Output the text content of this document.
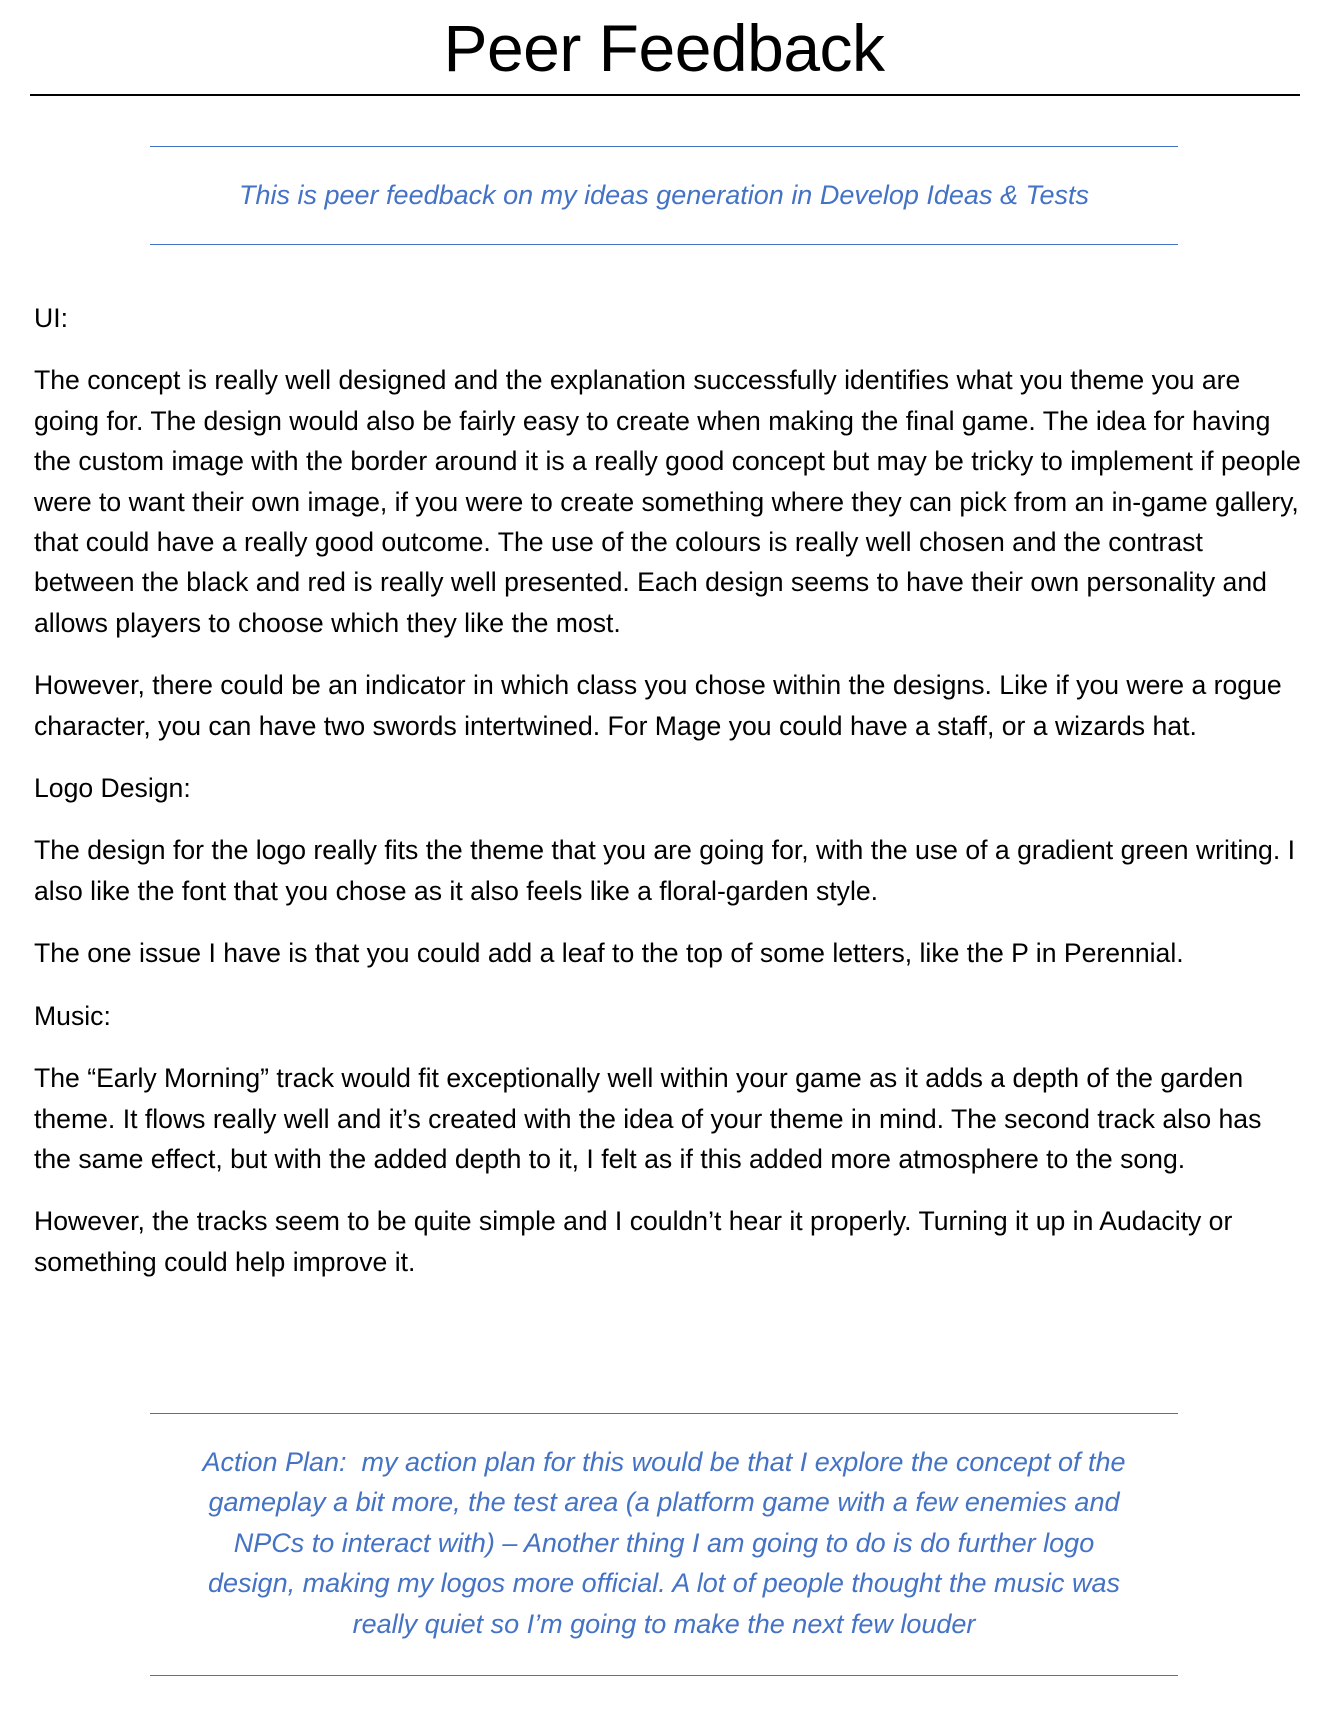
Peer Feedback
This is peer feedback on my ideas generation in Develop Ideas & Tests

UI:

The concept is really well designed and the explanation successfully identifies what you theme you are going for. The design would also be fairly easy to create when making the final game. The idea for having the custom image with the border around it is a really good concept but may be tricky to implement if people were to want their own image, if you were to create something where they can pick from an in-game gallery, that could have a really good outcome. The use of the colours is really well chosen and the contrast between the black and red is really well presented. Each design seems to have their own personality and allows players to choose which they like the most.

However, there could be an indicator in which class you chose within the designs. Like if you were a rogue character, you can have two swords intertwined. For Mage you could have a staff, or a wizards hat.

Logo Design:

The design for the logo really fits the theme that you are going for, with the use of a gradient green writing. I also like the font that you chose as it also feels like a floral-garden style.

The one issue I have is that you could add a leaf to the top of some letters, like the P in Perennial.

Music:

The “Early Morning” track would fit exceptionally well within your game as it adds a depth of the garden theme. It flows really well and it’s created with the idea of your theme in mind. The second track also has the same effect, but with the added depth to it, I felt as if this added more atmosphere to the song.

However, the tracks seem to be quite simple and I couldn’t hear it properly. Turning it up in Audacity or something could help improve it.

Action Plan:  my action plan for this would be that I explore the concept of the gameplay a bit more, the test area (a platform game with a few enemies and NPCs to interact with) – Another thing I am going to do is do further logo design, making my logos more official. A lot of people thought the music was really quiet so I’m going to make the next few louder
